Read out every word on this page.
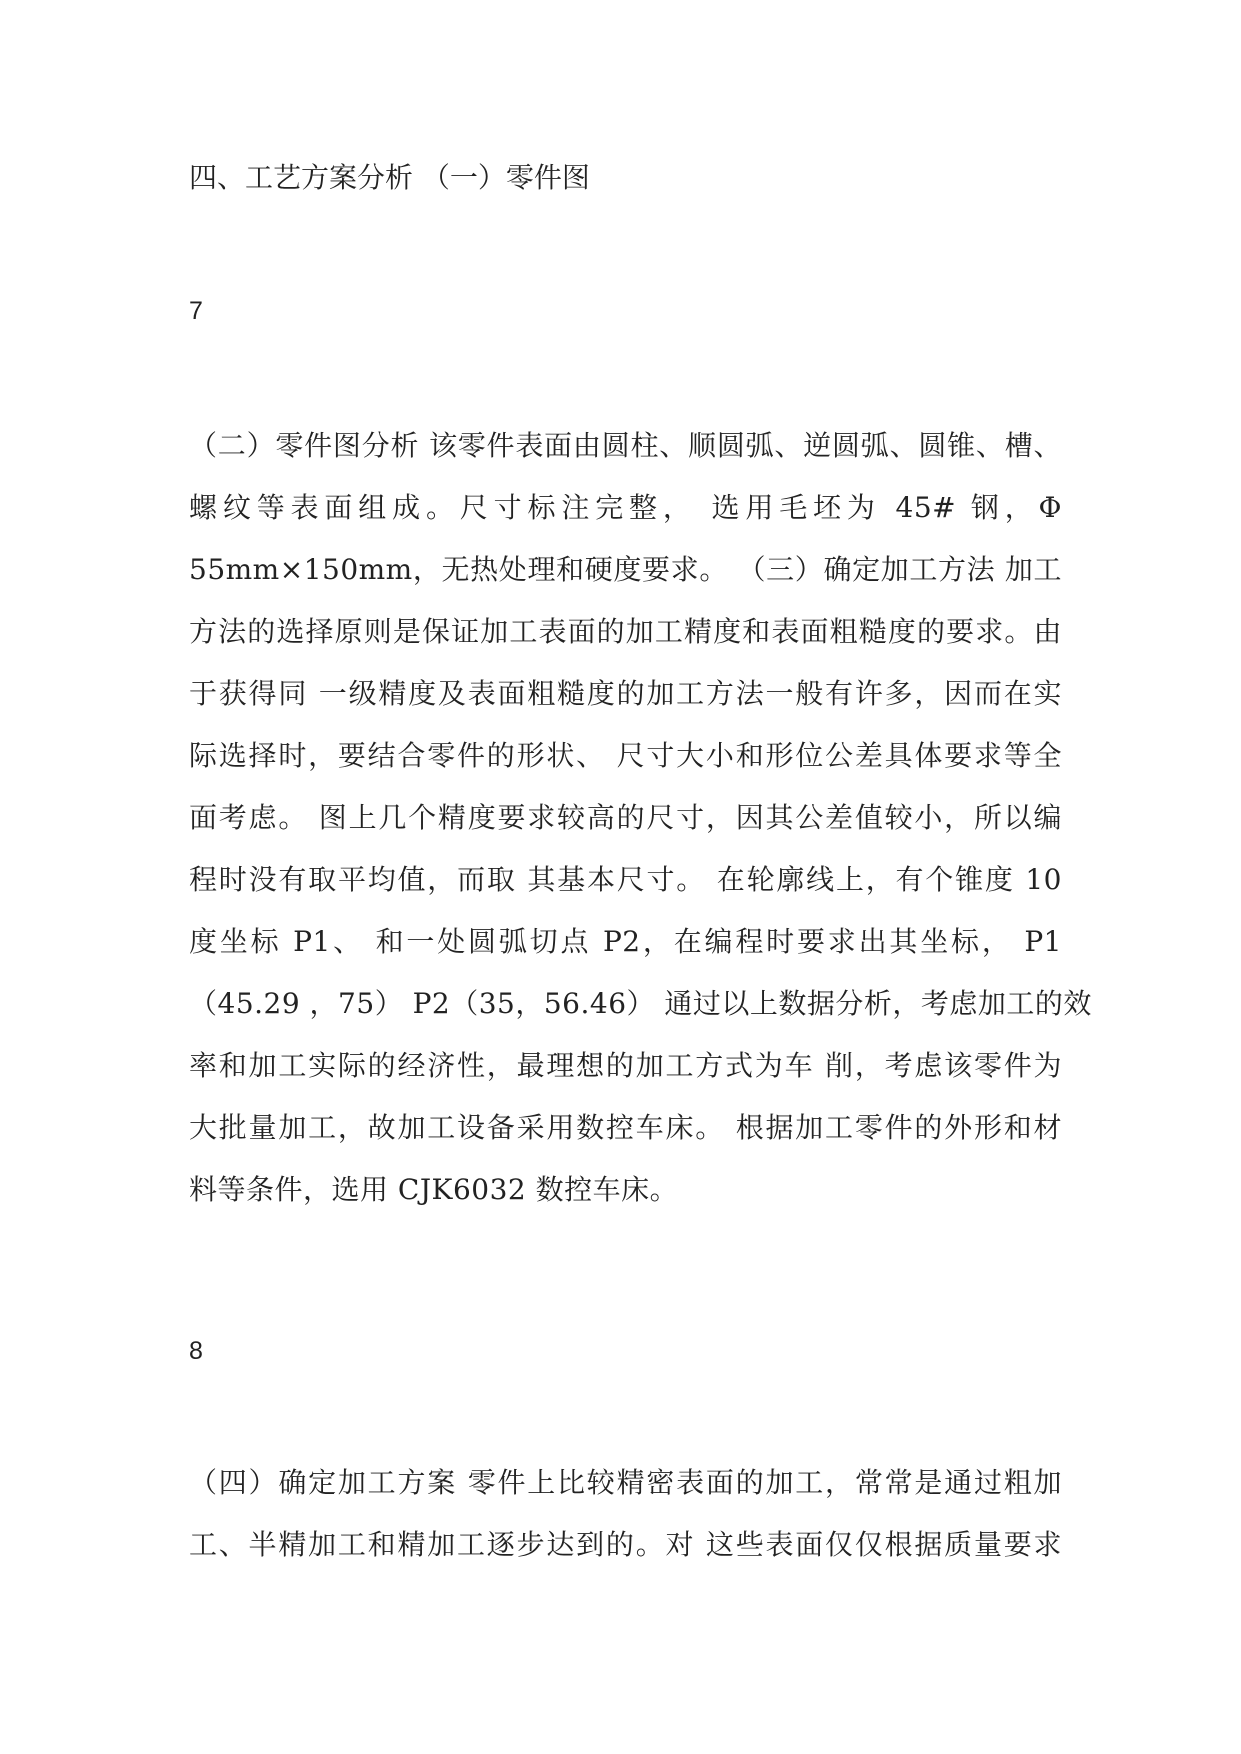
四、工艺方案分析 （一）零件图

7

（二）零件图分析 该零件表面由圆柱、顺圆弧、逆圆弧、圆锥、槽、
螺纹等表面组成。尺寸标注完整， 选用毛坯为 45# 钢，Φ
55mm×150mm，无热处理和硬度要求。 （三）确定加工方法 加工
方法的选择原则是保证加工表面的加工精度和表面粗糙度的要求。由
于获得同 一级精度及表面粗糙度的加工方法一般有许多，因而在实
际选择时，要结合零件的形状、 尺寸大小和形位公差具体要求等全
面考虑。 图上几个精度要求较高的尺寸，因其公差值较小，所以编
程时没有取平均值，而取 其基本尺寸。 在轮廓线上，有个锥度 10
度坐标 P1、 和一处圆弧切点 P2，在编程时要求出其坐标， P1
（45.29 ，75） P2（35，56.46） 通过以上数据分析，考虑加工的效
率和加工实际的经济性，最理想的加工方式为车 削，考虑该零件为
大批量加工，故加工设备采用数控车床。 根据加工零件的外形和材
料等条件，选用 CJK6032 数控车床。

8

（四）确定加工方案 零件上比较精密表面的加工，常常是通过粗加
工、半精加工和精加工逐步达到的。对 这些表面仅仅根据质量要求
